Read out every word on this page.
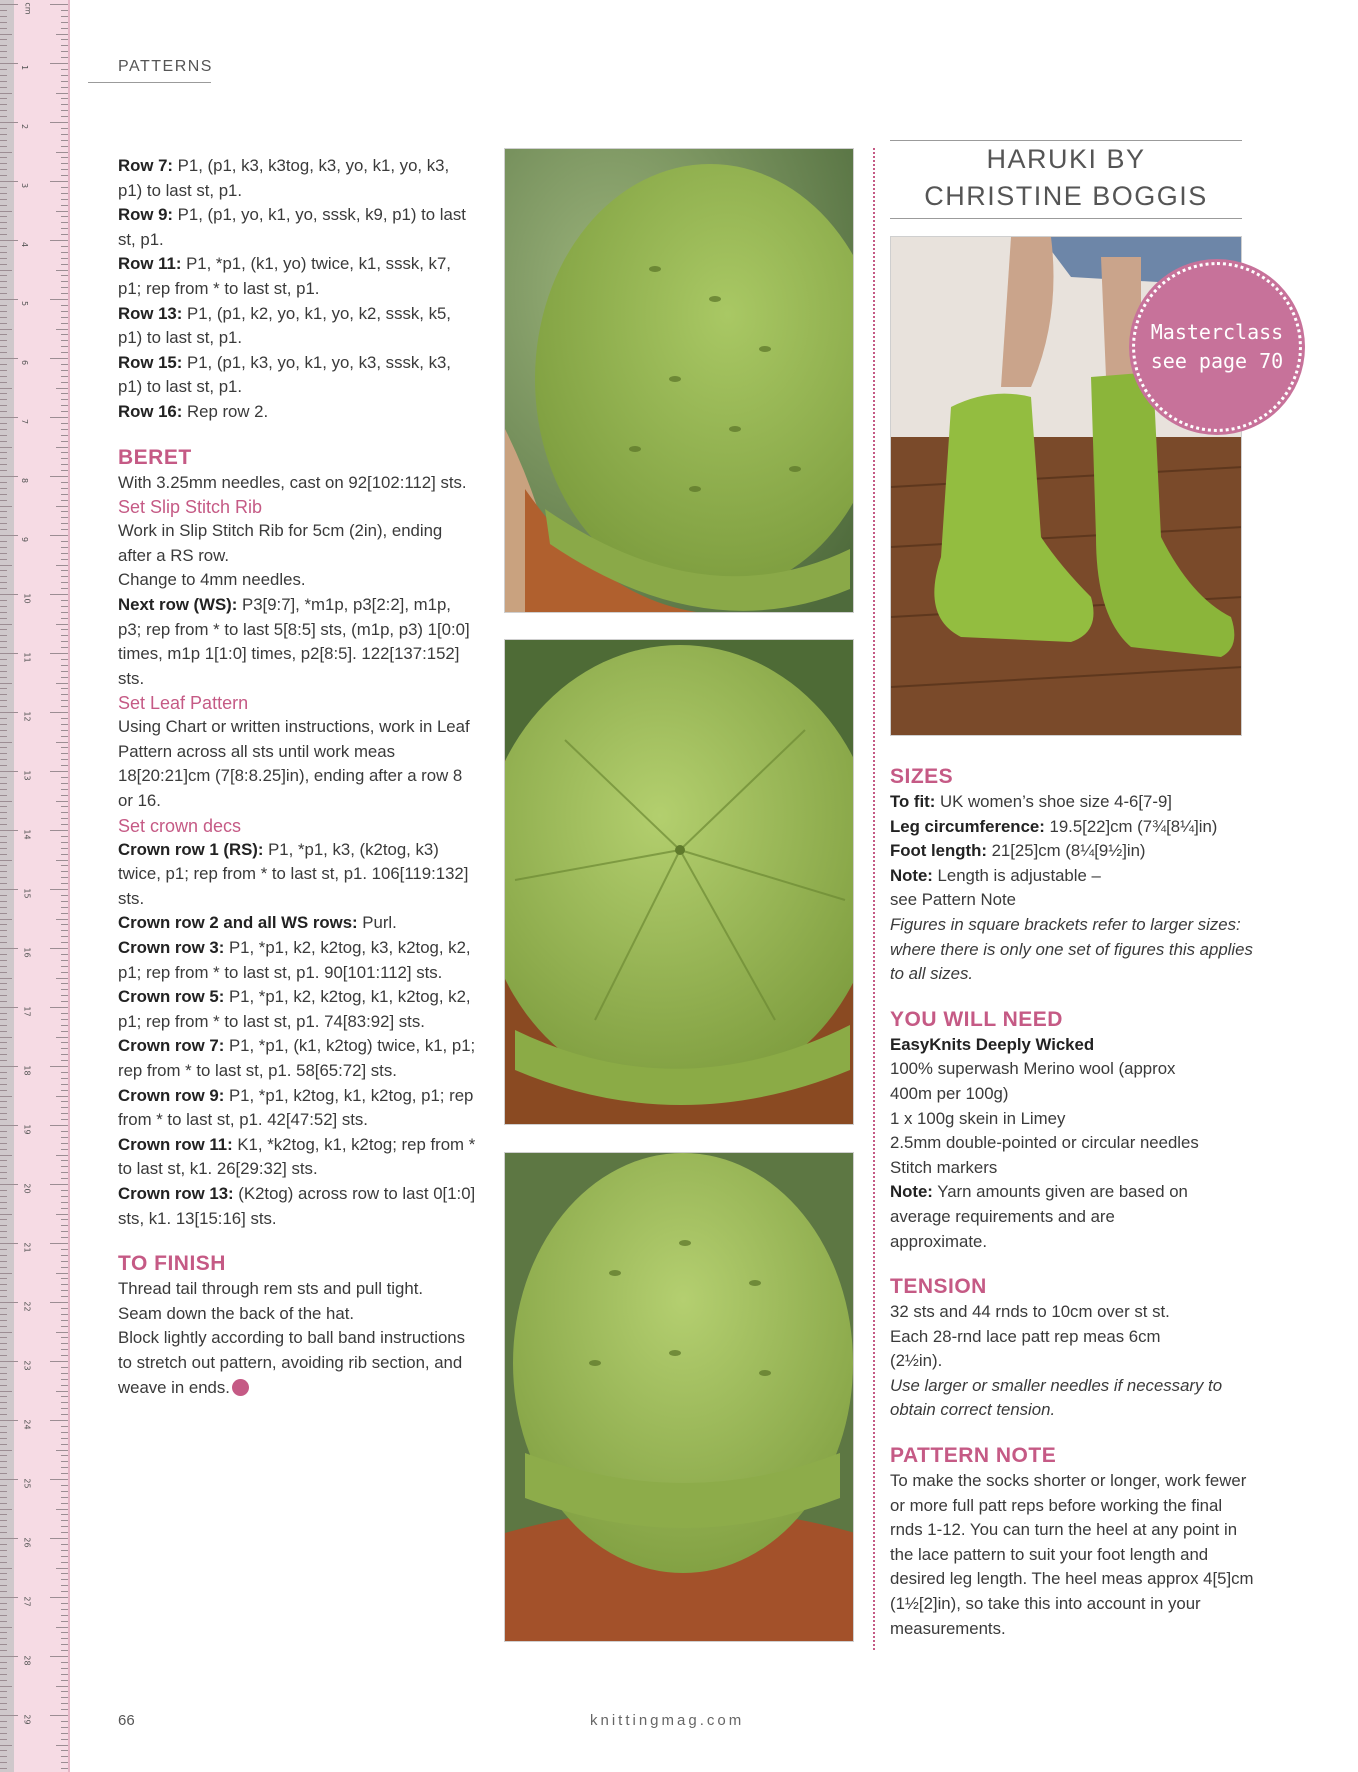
cm
1
2
3
4
5
6
7
8
9
10
11
12
13
14
15
16
17
18
19
20
21
22
23
24
25
26
27
28
29
PATTERNS

Row 7: P1, (p1, k3, k3tog, k3, yo, k1, yo, k3, p1) to last st, p1.

Row 9: P1, (p1, yo, k1, yo, sssk, k9, p1) to last st, p1.

Row 11: P1, *p1, (k1, yo) twice, k1, sssk, k7, p1; rep from * to last st, p1.

Row 13: P1, (p1, k2, yo, k1, yo, k2, sssk, k5, p1) to last st, p1.

Row 15: P1, (p1, k3, yo, k1, yo, k3, sssk, k3, p1) to last st, p1.

Row 16: Rep row 2.

BERET

With 3.25mm needles, cast on 92[102:112] sts.

Set Slip Stitch Rib

Work in Slip Stitch Rib for 5cm (2in), ending after a RS row.

Change to 4mm needles.

Next row (WS): P3[9:7], *m1p, p3[2:2], m1p, p3; rep from * to last 5[8:5] sts, (m1p, p3) 1[0:0] times, m1p 1[1:0] times, p2[8:5]. 122[137:152] sts.

Set Leaf Pattern

Using Chart or written instructions, work in Leaf Pattern across all sts until work meas 18[20:21]cm (7[8:8.25]in), ending after a row 8 or 16.

Set crown decs

Crown row 1 (RS): P1, *p1, k3, (k2tog, k3) twice, p1; rep from * to last st, p1. 106[119:132] sts.

Crown row 2 and all WS rows: Purl.

Crown row 3: P1, *p1, k2, k2tog, k3, k2tog, k2, p1; rep from * to last st, p1. 90[101:112] sts.

Crown row 5: P1, *p1, k2, k2tog, k1, k2tog, k2, p1; rep from * to last st, p1. 74[83:92] sts.

Crown row 7: P1, *p1, (k1, k2tog) twice, k1, p1; rep from * to last st, p1. 58[65:72] sts.

Crown row 9: P1, *p1, k2tog, k1, k2tog, p1; rep from * to last st, p1. 42[47:52] sts.

Crown row 11: K1, *k2tog, k1, k2tog; rep from * to last st, k1. 26[29:32] sts.

Crown row 13: (K2tog) across row to last 0[1:0] sts, k1. 13[15:16] sts.

TO FINISH

Thread tail through rem sts and pull tight.

Seam down the back of the hat.

Block lightly according to ball band instructions to stretch out pattern, avoiding rib section, and weave in ends.

HARUKI BY
CHRISTINE BOGGIS
Masterclass
see page 70
SIZES

To fit: UK women’s shoe size 4-6[7-9]

Leg circumference: 19.5[22]cm (7¾[8¼]in)

Foot length: 21[25]cm (8¼[9½]in)

Note: Length is adjustable – see Pattern Note

Figures in square brackets refer to larger sizes: where there is only one set of figures this applies to all sizes.

YOU WILL NEED

EasyKnits Deeply Wicked

100% superwash Merino wool (approx 400m per 100g)

1 x 100g skein in Limey

2.5mm double-pointed or circular needles

Stitch markers

Note: Yarn amounts given are based on average requirements and are approximate.

TENSION

32 sts and 44 rnds to 10cm over st st.

Each 28-rnd lace patt rep meas 6cm (2½in).

Use larger or smaller needles if necessary to obtain correct tension.

PATTERN NOTE

To make the socks shorter or longer, work fewer or more full patt reps before working the final rnds 1-12. You can turn the heel at any point in the lace pattern to suit your foot length and desired leg length. The heel meas approx 4[5]cm (1½[2]in), so take this into account in your measurements.

66	knittingmag.com
